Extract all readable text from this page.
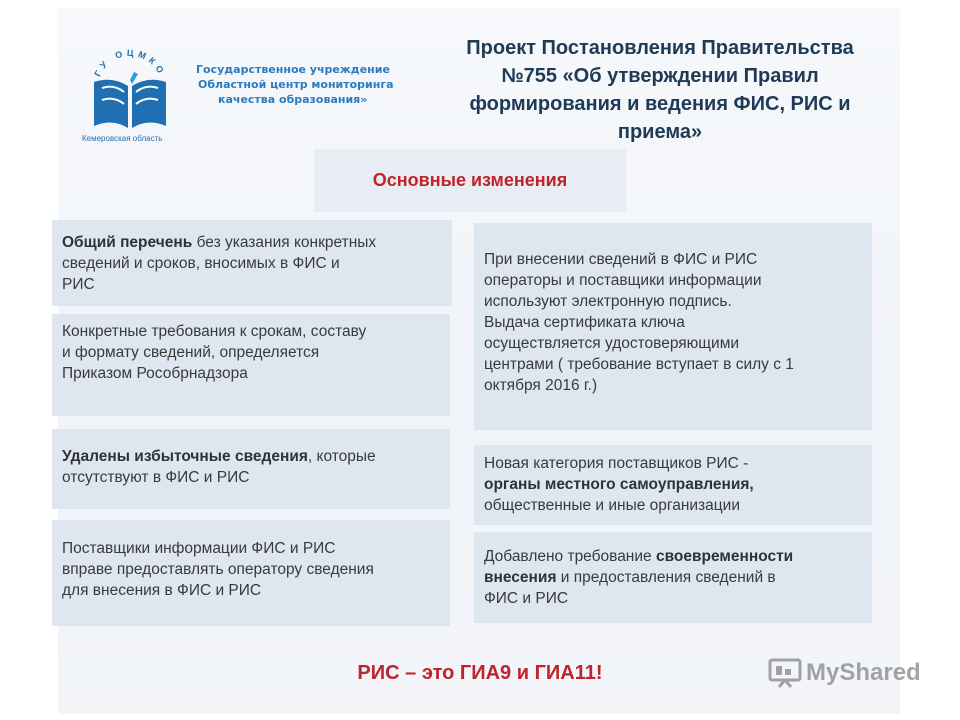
ГУ ОЦМКО
Кемеровская область
Государственное учреждение
Областной центр мониторинга
качества образования»
Проект Постановления Правительства
№755 «Об утверждении Правил
формирования и ведения ФИС, РИС и
приема»
Основные изменения
Общий перечень без указания конкретных
сведений и сроков, вносимых в ФИС и
РИС
Конкретные требования к срокам, составу
и формату сведений, определяется
Приказом Рособрнадзора
Удалены избыточные сведения, которые
отсутствуют в ФИС и РИС
Поставщики информации ФИС и РИС
вправе предоставлять оператору сведения
для внесения в ФИС и РИС
При внесении сведений в ФИС и РИС
операторы и поставщики информации
используют электронную подпись.
Выдача сертификата ключа
осуществляется удостоверяющими
центрами ( требование вступает в силу с 1
октября 2016 г.)
Новая категория поставщиков РИС -
органы местного самоуправления,
общественные и иные организации
Добавлено требование своевременности
внесения и предоставления сведений в
ФИС и РИС
РИС – это ГИА9 и ГИА11!	MyShared
